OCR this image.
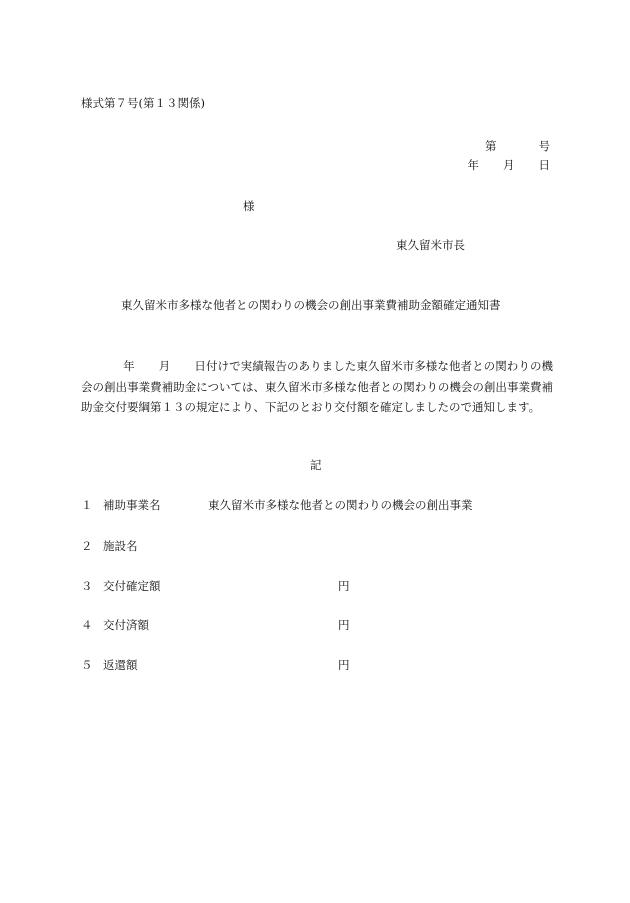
様式第７号(第１３関係)
第	号
年 月 日
様
東久留米市長
東久留米市多様な他者との関わりの機会の創出事業費補助金額確定通知書
年 月 日付けで実績報告のありました東久留米市多様な他者との関わりの機会の創出事業費補助金については、東久留米市多様な他者との関わりの機会の創出事業費補助金交付要綱第１３の規定により、下記のとおり交付額を確定しましたので通知します。
記
１ 補助事業名	東久留米市多様な他者との関わりの機会の創出事業
２ 施設名
３ 交付確定額	円
４ 交付済額	円
５ 返還額	円
